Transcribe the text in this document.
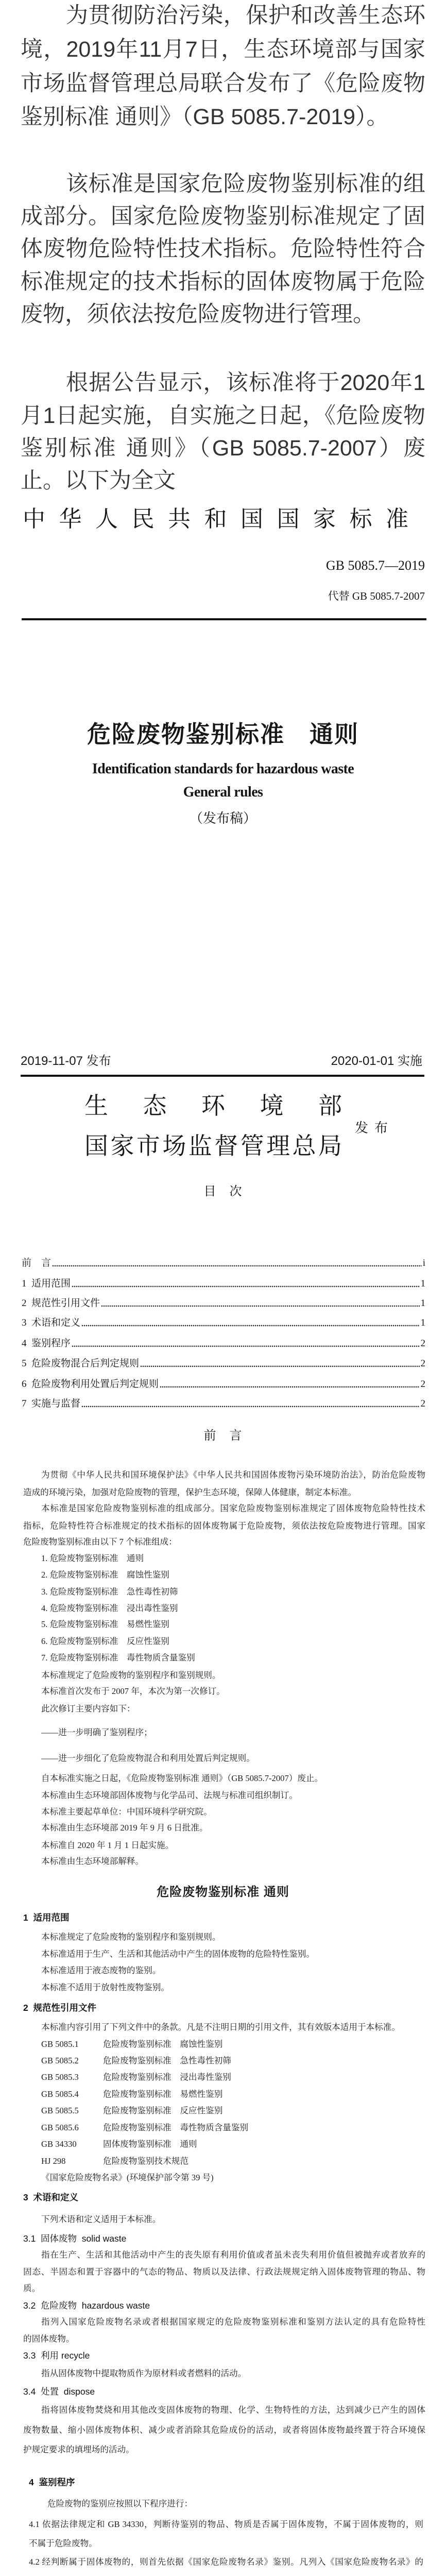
为贯彻防治污染，保护和改善生态环
境，2019年11月7日，生态环境部与国家
市场监督管理总局联合发布了《危险废物
鉴别标准 通则》（GB 5085.7-2019）。
该标准是国家危险废物鉴别标准的组
成部分。国家危险废物鉴别标准规定了固
体废物危险特性技术指标。危险特性符合
标准规定的技术指标的固体废物属于危险
废物，须依法按危险废物进行管理。
根据公告显示，该标准将于2020年1
月1日起实施，自实施之日起，《危险废物
鉴别标准 通则》（GB 5085.7-2007）废
止。以下为全文
中华人民共和国国家标准
GB 5085.7—2019
代替 GB 5085.7-2007
危险废物鉴别标准　通则
Identification standards for hazardous waste
General rules
（发布稿）
2019-11-07 发布	2020-01-01 实施
生态环境部
发布
国家市场监督管理总局
目　次
前　言	i
1  适用范围	1
2  规范性引用文件	1
3  术语和定义	1
4  鉴别程序	2
5  危险废物混合后判定规则	2
6  危险废物利用处置后判定规则	2
7  实施与监督	2
前　言
为贯彻《中华人民共和国环境保护法》《中华人民共和国固体废物污染环境防治法》，防治危险废物
造成的环境污染，加强对危险废物的管理，保护生态环境，保障人体健康，制定本标准。
本标准是国家危险废物鉴别标准的组成部分。国家危险废物鉴别标准规定了固体废物危险特性技术
指标，危险特性符合标准规定的技术指标的固体废物属于危险废物，须依法按危险废物进行管理。国家
危险废物鉴别标准由以下 7 个标准组成：
1. 危险废物鉴别标准　通则
2. 危险废物鉴别标准　腐蚀性鉴别
3. 危险废物鉴别标准　急性毒性初筛
4. 危险废物鉴别标准　浸出毒性鉴别
5. 危险废物鉴别标准　易燃性鉴别
6. 危险废物鉴别标准　反应性鉴别
7. 危险废物鉴别标准　毒性物质含量鉴别
本标准规定了危险废物的鉴别程序和鉴别规则。
本标准首次发布于 2007 年，本次为第一次修订。
此次修订主要内容如下：
——进一步明确了鉴别程序；
——进一步细化了危险废物混合和利用处置后判定规则。
自本标准实施之日起，《危险废物鉴别标准 通则》（GB 5085.7-2007）废止。
本标准由生态环境部固体废物与化学品司、法规与标准司组织制订。
本标准主要起草单位：中国环境科学研究院。
本标准由生态环境部 2019 年 9 月 6 日批准。
本标准自 2020 年 1 月 1 日起实施。
本标准由生态环境部解释。
危险废物鉴别标准 通则
1  适用范围
本标准规定了危险废物的鉴别程序和鉴别规则。
本标准适用于生产、生活和其他活动中产生的固体废物的危险特性鉴别。
本标准适用于液态废物的鉴别。
本标准不适用于放射性废物鉴别。
2  规范性引用文件
本标准内容引用了下列文件中的条款。凡是不注明日期的引用文件，其有效版本适用于本标准。
GB 5085.1	危险废物鉴别标准　腐蚀性鉴别
GB 5085.2	危险废物鉴别标准　急性毒性初筛
GB 5085.3	危险废物鉴别标准　浸出毒性鉴别
GB 5085.4	危险废物鉴别标准　易燃性鉴别
GB 5085.5	危险废物鉴别标准　反应性鉴别
GB 5085.6	危险废物鉴别标准　毒性物质含量鉴别
GB 34330	固体废物鉴别标准　通则
HJ 298	危险废物鉴别技术规范
《国家危险废物名录》(环境保护部令第 39 号)
3  术语和定义
下列术语和定义适用于本标准。
3.1  固体废物  solid waste
指在生产、生活和其他活动中产生的丧失原有利用价值或者虽未丧失利用价值但被抛弃或者放弃的
固态、半固态和置于容器中的气态的物品、物质以及法律、行政法规规定纳入固体废物管理的物品、物
质。
3.2  危险废物  hazardous waste
指列入国家危险废物名录或者根据国家规定的危险废物鉴别标准和鉴别方法认定的具有危险特性
的固体废物。
3.3  利用 recycle
指从固体废物中提取物质作为原材料或者燃料的活动。
3.4  处置  dispose
指将固体废物焚烧和用其他改变固体废物的物理、化学、生物特性的方法，达到减少已产生的固体
废物数量、缩小固体废物体积、减少或者消除其危险成份的活动，或者将固体废物最终置于符合环境保
护规定要求的填埋场的活动。
4  鉴别程序
危险废物的鉴别应按照以下程序进行：
4.1 依据法律规定和 GB 34330，判断待鉴别的物品、物质是否属于固体废物，不属于固体废物的，则
不属于危险废物。
4.2 经判断属于固体废物的，则首先依据《国家危险废物名录》鉴别。凡列入《国家危险废物名录》的
